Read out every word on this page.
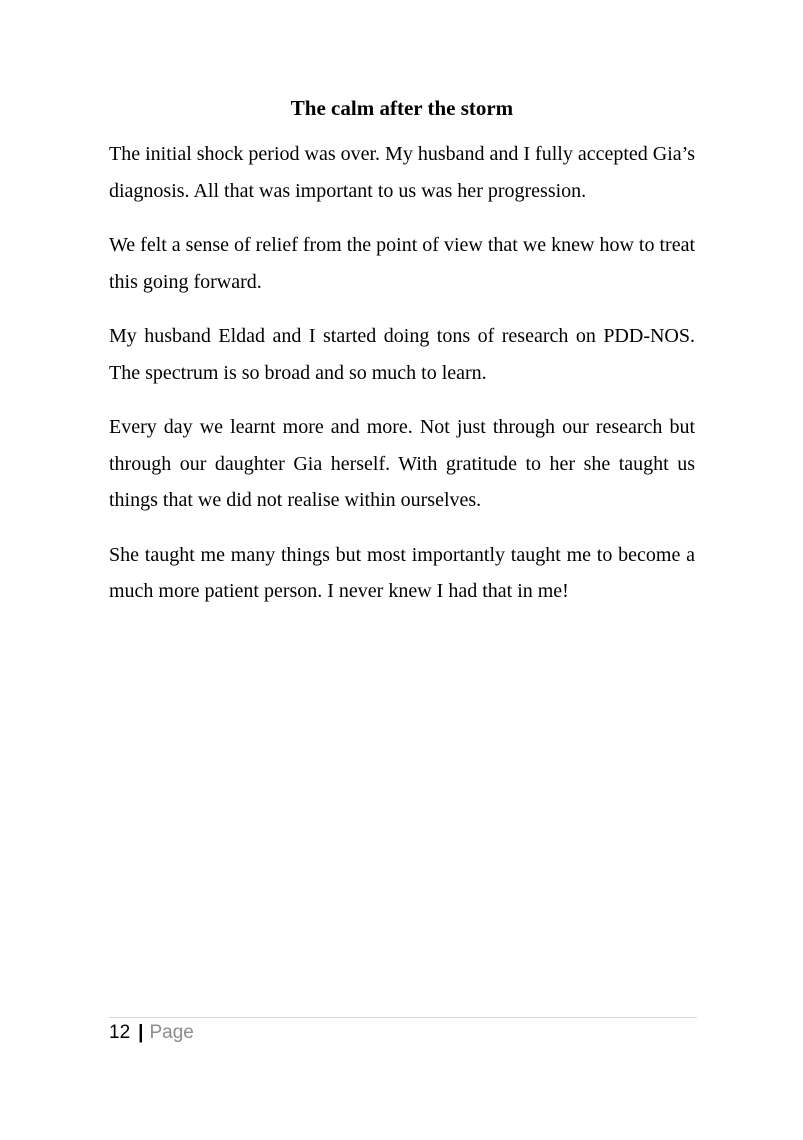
The calm after the storm

The initial shock period was over. My husband and I fully accepted Gia’s diagnosis. All that was important to us was her progression.

We felt a sense of relief from the point of view that we knew how to treat this going forward.

My husband Eldad and I started doing tons of research on PDD-NOS. The spectrum is so broad and so much to learn.

Every day we learnt more and more. Not just through our research but through our daughter Gia herself. With gratitude to her she taught us things that we did not realise within ourselves.

She taught me many things but most importantly taught me to become a much more patient person. I never knew I had that in me!

12 | Page
